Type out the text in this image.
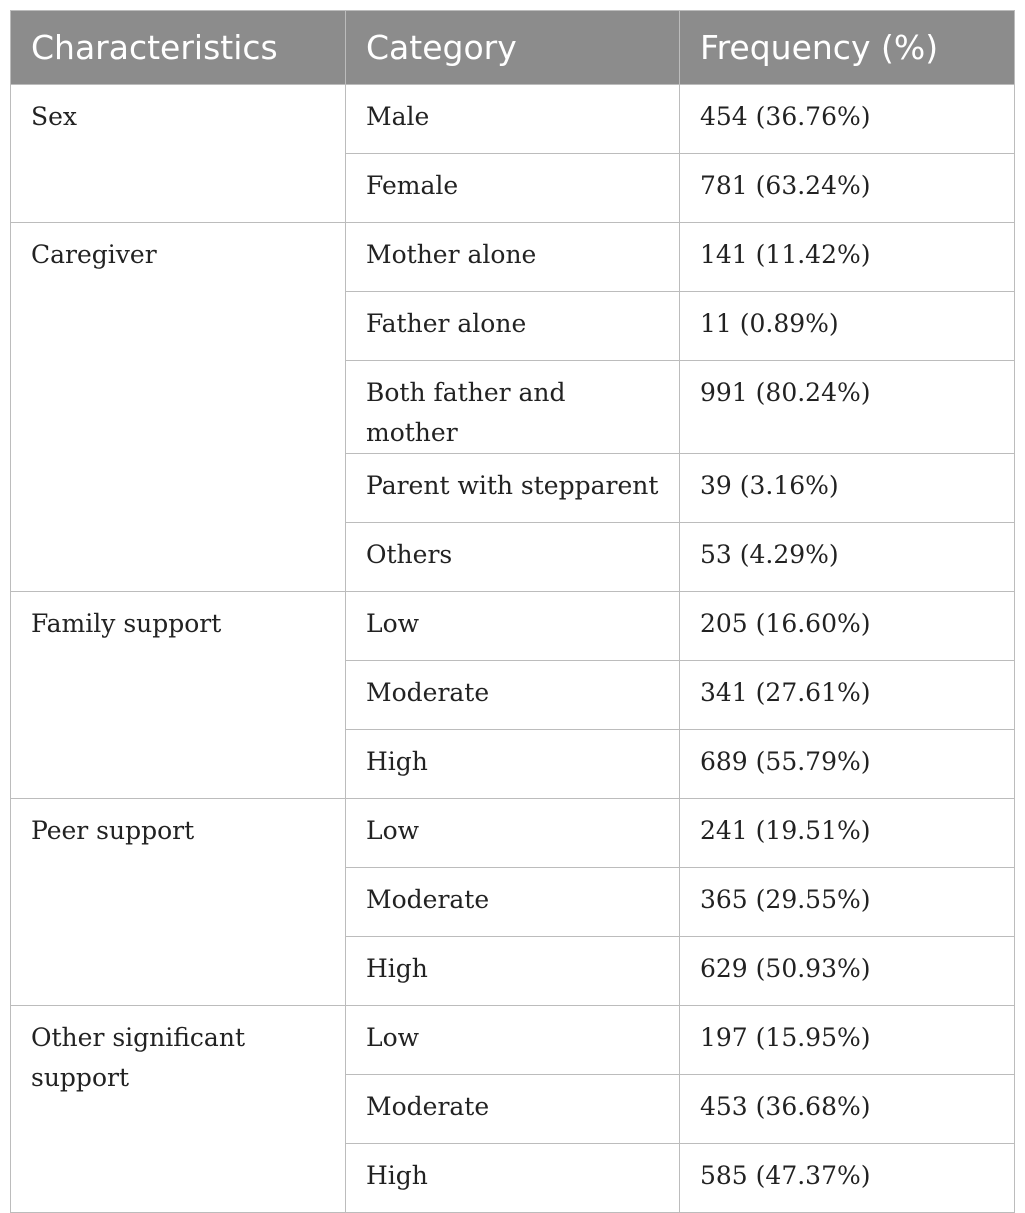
Characteristics	Category	Frequency (%)

Sex	Male	454 (36.76%)

	Female	781 (63.24%)

Caregiver	Mother alone	141 (11.42%)

	Father alone	11 (0.89%)

	Both father and mother	991 (80.24%)

	Parent with stepparent	39 (3.16%)

	Others	53 (4.29%)

Family support	Low	205 (16.60%)

	Moderate	341 (27.61%)

	High	689 (55.79%)

Peer support	Low	241 (19.51%)

	Moderate	365 (29.55%)

	High	629 (50.93%)

Other significant support	Low	197 (15.95%)

	Moderate	453 (36.68%)

	High	585 (47.37%)
